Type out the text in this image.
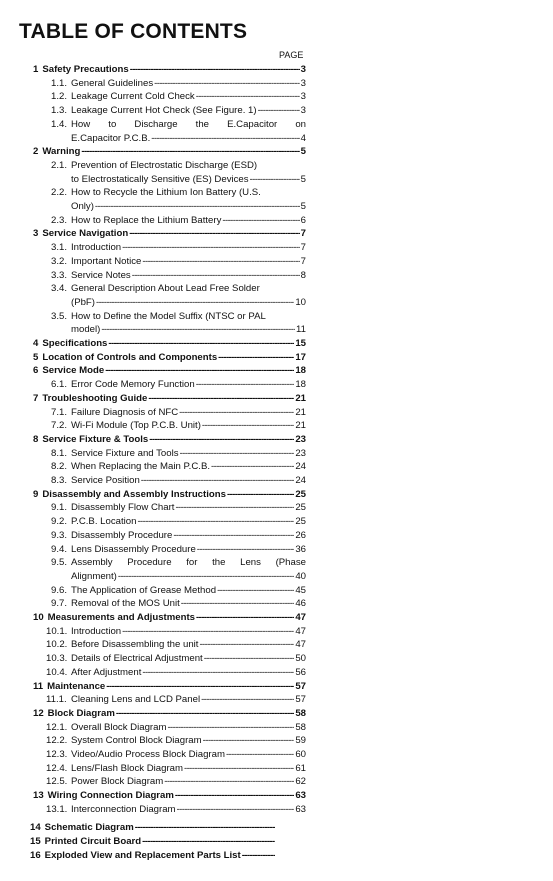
TABLE OF CONTENTS
PAGE
1 Safety Precautions -----	3
1.1. General Guidelines -----	3
1.2. Leakage Current Cold Check -----	3
1.3. Leakage Current Hot Check (See Figure. 1) -----	3
1.4. How to Discharge the E.Capacitor on
E.Capacitor P.C.B. -----	4
2 Warning -----	5
2.1. Prevention of Electrostatic Discharge (ESD)
to Electrostatically Sensitive (ES) Devices -----	5
2.2. How to Recycle the Lithium Ion Battery (U.S.
Only) -----	5
2.3. How to Replace the Lithium Battery -----	6
3 Service Navigation -----	7
3.1. Introduction -----	7
3.2. Important Notice -----	7
3.3. Service Notes -----	8
3.4. General Description About Lead Free Solder
(PbF) -----	10
3.5. How to Define the Model Suffix (NTSC or PAL
model) -----	11
4 Specifications -----	15
5 Location of Controls and Components -----	17
6 Service Mode -----	18
6.1. Error Code Memory Function -----	18
7 Troubleshooting Guide -----	21
7.1. Failure Diagnosis of NFC -----	21
7.2. Wi-Fi Module (Top P.C.B. Unit) -----	21
8 Service Fixture & Tools -----	23
8.1. Service Fixture and Tools -----	23
8.2. When Replacing the Main P.C.B. -----	24
8.3. Service Position -----	24
9 Disassembly and Assembly Instructions -----	25
9.1. Disassembly Flow Chart -----	25
9.2. P.C.B. Location -----	25
9.3. Disassembly Procedure -----	26
9.4. Lens Disassembly Procedure -----	36
9.5. Assembly Procedure for the Lens (Phase
Alignment) -----	40
9.6. The Application of Grease Method -----	45
9.7. Removal of the MOS Unit -----	46
10 Measurements and Adjustments -----	47
10.1. Introduction -----	47
10.2. Before Disassembling the unit -----	47
10.3. Details of Electrical Adjustment -----	50
10.4. After Adjustment -----	56
11 Maintenance -----	57
11.1. Cleaning Lens and LCD Panel -----	57
12 Block Diagram -----	58
12.1. Overall Block Diagram -----	58
12.2. System Control Block Diagram -----	59
12.3. Video/Audio Process Block Diagram -----	60
12.4. Lens/Flash Block Diagram -----	61
12.5. Power Block Diagram -----	62
13 Wiring Connection Diagram -----	63
13.1. Interconnection Diagram -----	63
14 Schematic Diagram
-----
15 Printed Circuit Board
-----
16 Exploded View and Replacement Parts List
-----
